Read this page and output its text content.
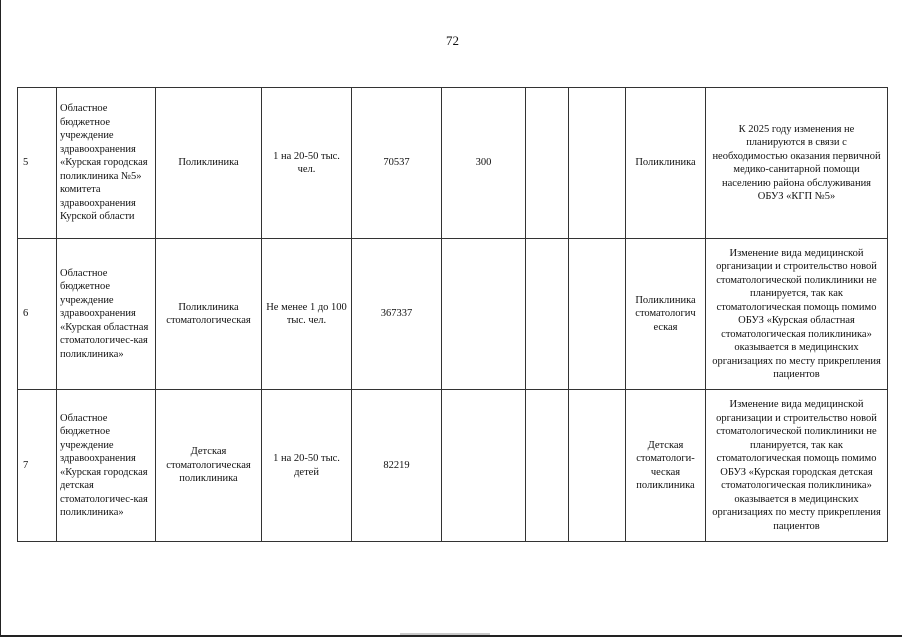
72
5	Областное бюджетное учреждение здравоохранения «Курская городская поликлиника №5» комитета здравоохранения Курской области	Поликлиника	1 на 20-50 тыс. чел.	70537	300			Поликлиника	К 2025 году изменения не планируются в связи с необходимостью оказания первичной медико-санитарной помощи населению района обслуживания ОБУЗ «КГП №5»
6	Областное бюджетное учреждение здравоохранения «Курская областная стоматологичес-кая поликлиника»	Поликлиника стоматологическая	Не менее 1 до 100 тыс. чел.	367337				Поликлиника стоматологич еская	Изменение вида медицинской организации и строительство новой стоматологической поликлиники не планируется, так как стоматологическая помощь помимо ОБУЗ «Курская областная стоматологическая поликлиника» оказывается в медицинских организациях по месту прикрепления пациентов
7	Областное бюджетное учреждение здравоохранения «Курская городская детская стоматологичес-кая поликлиника»	Детская стоматологическая поликлиника	1 на 20-50 тыс. детей	82219				Детская стоматологи-ческая поликлиника	Изменение вида медицинской организации и строительство новой стоматологической поликлиники не планируется, так как стоматологическая помощь помимо ОБУЗ «Курская городская детская стоматологическая поликлиника» оказывается в медицинских организациях по месту прикрепления пациентов
